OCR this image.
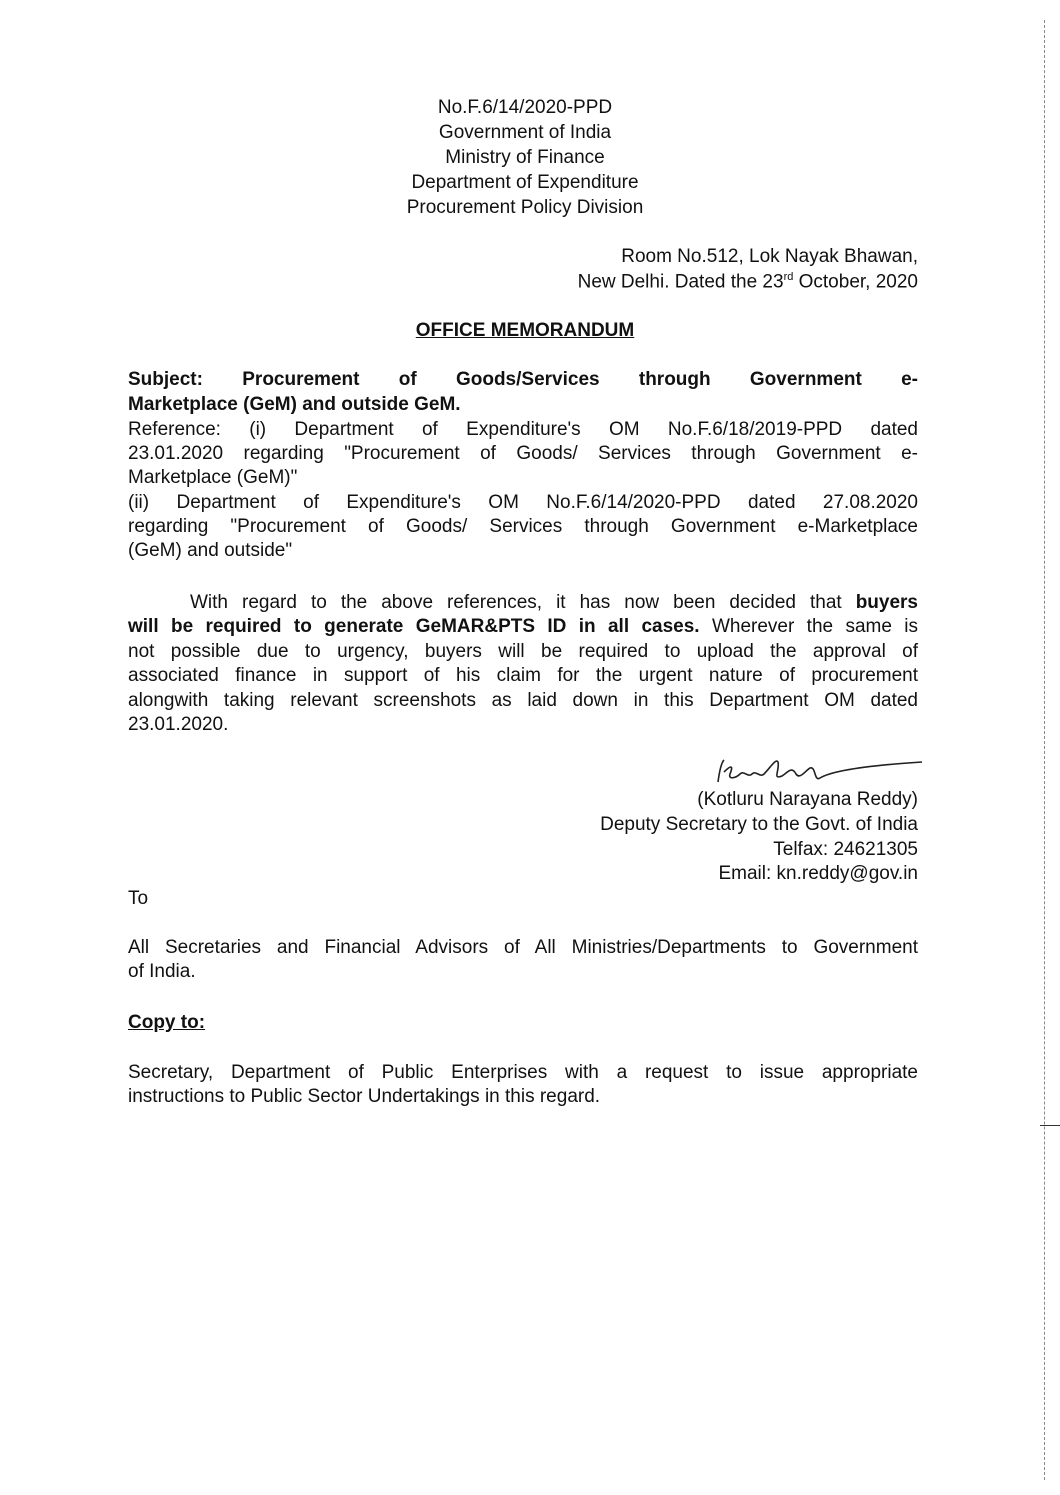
No.F.6/14/2020-PPD
Government of India
Ministry of Finance
Department of Expenditure
Procurement Policy Division
Room No.512, Lok Nayak Bhawan,
New Delhi. Dated the 23rd October, 2020
OFFICE MEMORANDUM
Subject: Procurement of Goods/Services through Government e-
Marketplace (GeM) and outside GeM.
Reference: (i) Department of Expenditure's OM No.F.6/18/2019-PPD dated
23.01.2020 regarding "Procurement of Goods/ Services through Government e-
Marketplace (GeM)"
(ii) Department of Expenditure's OM No.F.6/14/2020-PPD dated 27.08.2020
regarding "Procurement of Goods/ Services through Government e-Marketplace
(GeM) and outside"
With regard to the above references, it has now been decided that buyers
will be required to generate GeMAR&PTS ID in all cases. Wherever the same is
not possible due to urgency, buyers will be required to upload the approval of
associated finance in support of his claim for the urgent nature of procurement
alongwith taking relevant screenshots as laid down in this Department OM dated
23.01.2020.
(Kotluru Narayana Reddy)
Deputy Secretary to the Govt. of India
Telfax: 24621305
Email: kn.reddy@gov.in
To
All Secretaries and Financial Advisors of All Ministries/Departments to Government
of India.
Copy to:
Secretary, Department of Public Enterprises with a request to issue appropriate
instructions to Public Sector Undertakings in this regard.
